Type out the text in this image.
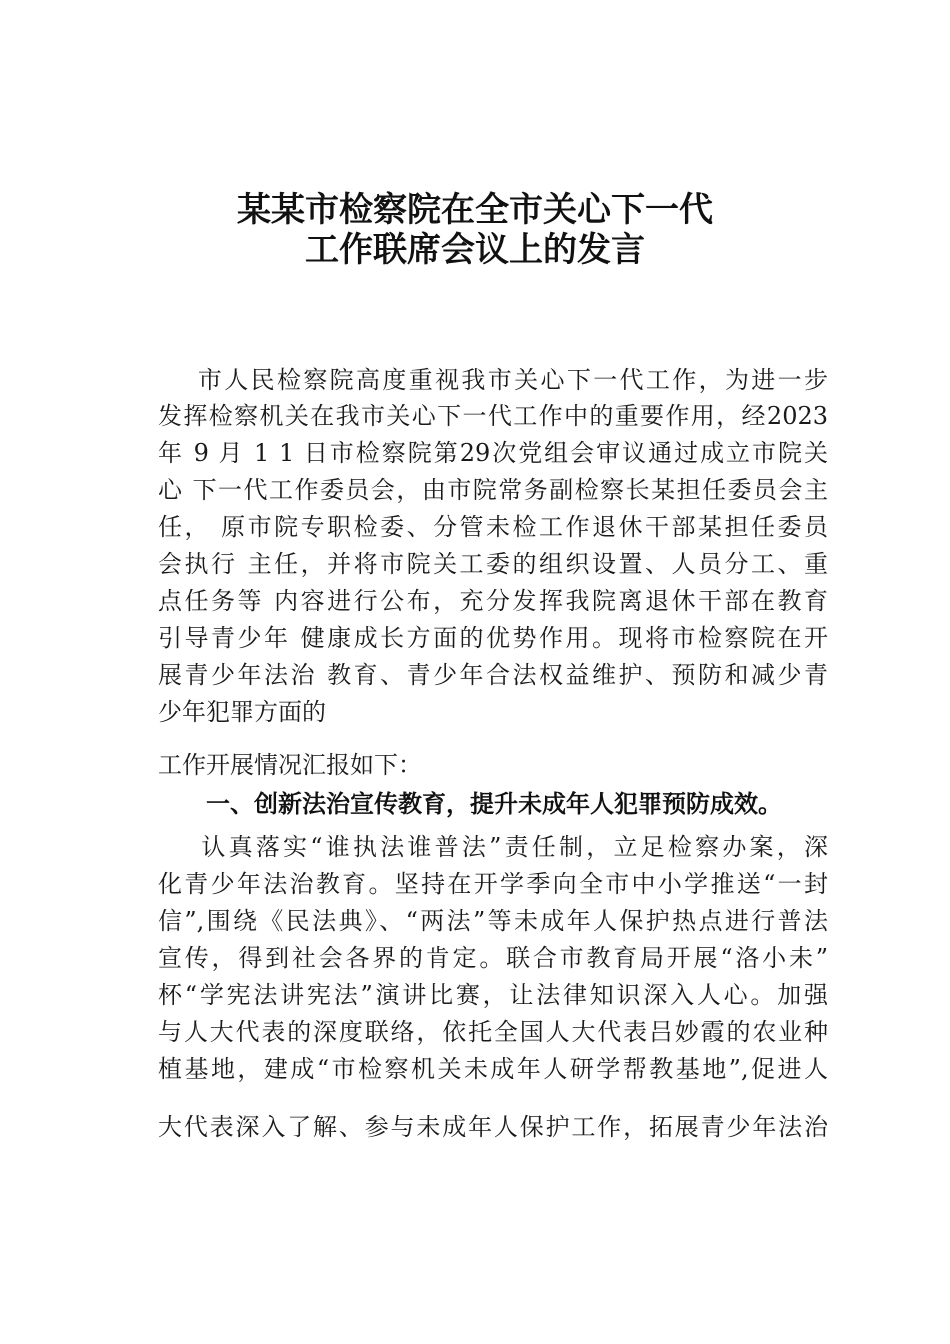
某某市检察院在全市关心下一代
工作联席会议上的发言
市人民检察院高度重视我市关心下一代工作，为进一步
发挥检察机关在我市关心下一代工作中的重要作用，经2023
年 9 月 1 1 日市检察院第29次党组会审议通过成立市院关
心 下一代工作委员会，由市院常务副检察长某担任委员会主
任， 原市院专职检委、分管未检工作退休干部某担任委员
会执行 主任，并将市院关工委的组织设置、人员分工、重
点任务等 内容进行公布，充分发挥我院离退休干部在教育
引导青少年 健康成长方面的优势作用。现将市检察院在开
展青少年法治 教育、青少年合法权益维护、预防和减少青
少年犯罪方面的
工作开展情况汇报如下：
一、创新法治宣传教育，提升未成年人犯罪预防成效。
认真落实“谁执法谁普法”责任制，立足检察办案，深
化青少年法治教育。坚持在开学季向全市中小学推送“一封
信”,围绕《民法典》、“两法”等未成年人保护热点进行普法
宣传，得到社会各界的肯定。联合市教育局开展“洛小未”
杯“学宪法讲宪法”演讲比赛，让法律知识深入人心。加强
与人大代表的深度联络，依托全国人大代表吕妙霞的农业种
植基地，建成“市检察机关未成年人研学帮教基地”,促进人
大代表深入了解、参与未成年人保护工作，拓展青少年法治
